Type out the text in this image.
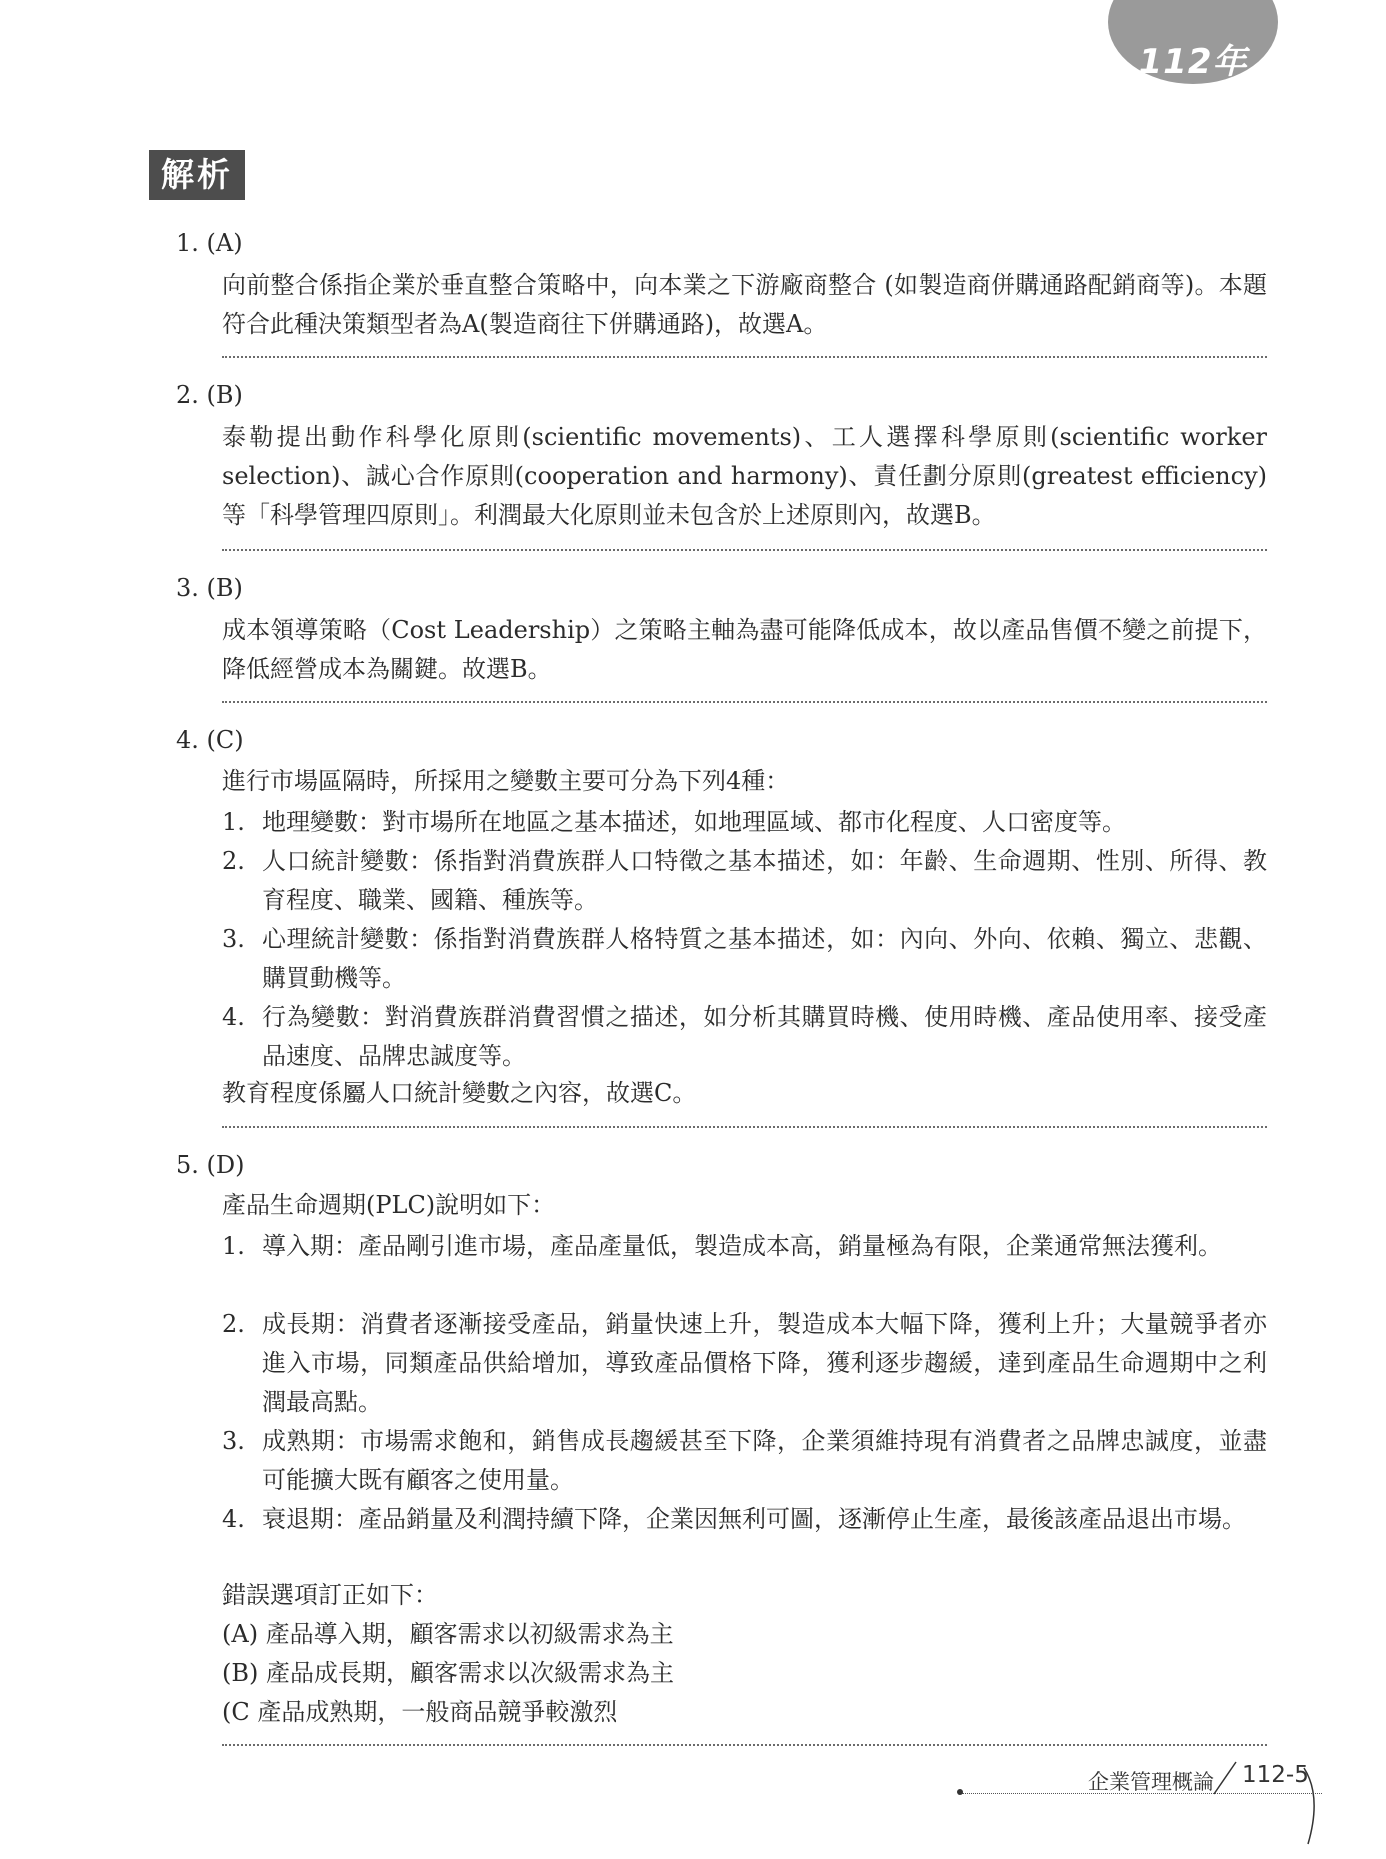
112年
解析
1. (A)
向前整合係指企業於垂直整合策略中，向本業之下游廠商整合 (如製造商併購通路配銷商等)。本題符合此種決策類型者為A(製造商往下併購通路)，故選A。
2. (B)
泰勒提出動作科學化原則(scientific movements)、工人選擇科學原則(scientific worker selection)、誠心合作原則(cooperation and harmony)、責任劃分原則(greatest efficiency)等「科學管理四原則」。利潤最大化原則並未包含於上述原則內，故選B。
3. (B)
成本領導策略（Cost Leadership）之策略主軸為盡可能降低成本，故以產品售價不變之前提下，降低經營成本為關鍵。故選B。
4. (C)
進行市場區隔時，所採用之變數主要可分為下列4種：
1. 地理變數：對市場所在地區之基本描述，如地理區域、都市化程度、人口密度等。
2. 人口統計變數：係指對消費族群人口特徵之基本描述，如：年齡、生命週期、性別、所得、教育程度、職業、國籍、種族等。
3. 心理統計變數：係指對消費族群人格特質之基本描述，如：內向、外向、依賴、獨立、悲觀、購買動機等。
4. 行為變數：對消費族群消費習慣之描述，如分析其購買時機、使用時機、產品使用率、接受產品速度、品牌忠誠度等。
教育程度係屬人口統計變數之內容，故選C。
5. (D)
產品生命週期(PLC)說明如下：
1. 導入期：產品剛引進市場，產品產量低，製造成本高，銷量極為有限，企業通常無法獲利。
2. 成長期：消費者逐漸接受產品，銷量快速上升，製造成本大幅下降，獲利上升；大量競爭者亦進入市場，同類產品供給增加，導致產品價格下降，獲利逐步趨緩，達到產品生命週期中之利潤最高點。
3. 成熟期：市場需求飽和，銷售成長趨緩甚至下降，企業須維持現有消費者之品牌忠誠度，並盡可能擴大既有顧客之使用量。
4. 衰退期：產品銷量及利潤持續下降，企業因無利可圖，逐漸停止生產，最後該產品退出市場。
錯誤選項訂正如下：
(A) 產品導入期，顧客需求以初級需求為主
(B) 產品成長期，顧客需求以次級需求為主
(C 產品成熟期，一般商品競爭較激烈
企業管理概論 112-5
